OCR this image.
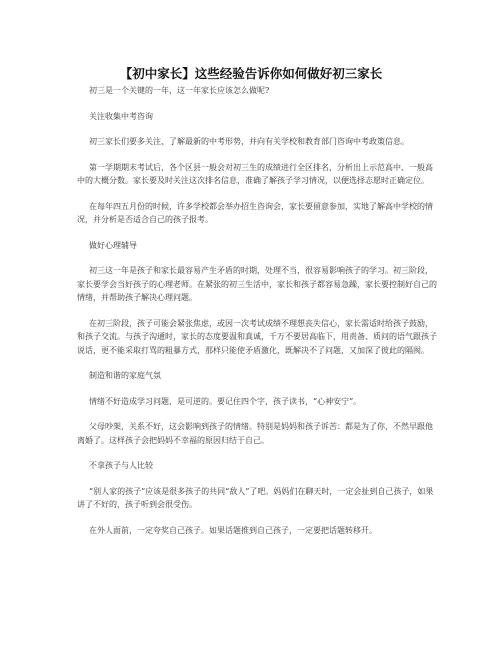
【初中家长】这些经验告诉你如何做好初三家长

初三是一个关键的一年，这一年家长应该怎么做呢?

关注收集中考咨询

初三家长们要多关注、了解最新的中考形势，并向有关学校和教育部门咨询中考政策信息。

第一学期期末考试后，各个区县一般会对初三生的成绩进行全区排名，分析出上示范高中、一般高中的大概分数。家长要及时关注这次排名信息，准确了解孩子学习情况，以便选择志愿时正确定位。

在每年四五月份的时候，许多学校都会举办招生咨询会，家长要留意参加，实地了解高中学校的情况，并分析是否适合自己的孩子报考。

做好心理辅导

初三这一年是孩子和家长最容易产生矛盾的时期，处理不当，很容易影响孩子的学习。初三阶段，家长要学会当好孩子的心理老师。在紧张的初三生活中，家长和孩子都容易急躁，家长要控制好自己的情绪，并帮助孩子解决心理问题。

在初三阶段，孩子可能会紧张焦虑，或因一次考试成绩不理想丧失信心，家长需适时给孩子鼓励，和孩子交流。与孩子沟通时，家长的态度要温和真诚，千万不要居高临下，用责备、质问的语气跟孩子说话，更不能采取打骂的粗暴方式，那样只能使矛盾激化，既解决不了问题，又加深了彼此的隔阂。

制造和谐的家庭气氛

情绪不好造成学习问题，是可逆的。要记住四个字，孩子读书，“心神安宁”。

父母吵架，关系不好，这会影响到孩子的情绪。特别是妈妈和孩子诉苦：都是为了你，不然早跟他离婚了。这样孩子会把妈妈不幸福的原因归结于自己。

不拿孩子与人比较

“别人家的孩子”应该是很多孩子的共同“敌人”了吧。妈妈们在聊天时，一定会扯到自己孩子，如果讲了不好的，孩子听到会很受伤。

在外人面前，一定夸奖自己孩子。如果话题推到自己孩子，一定要把话题转移开。
